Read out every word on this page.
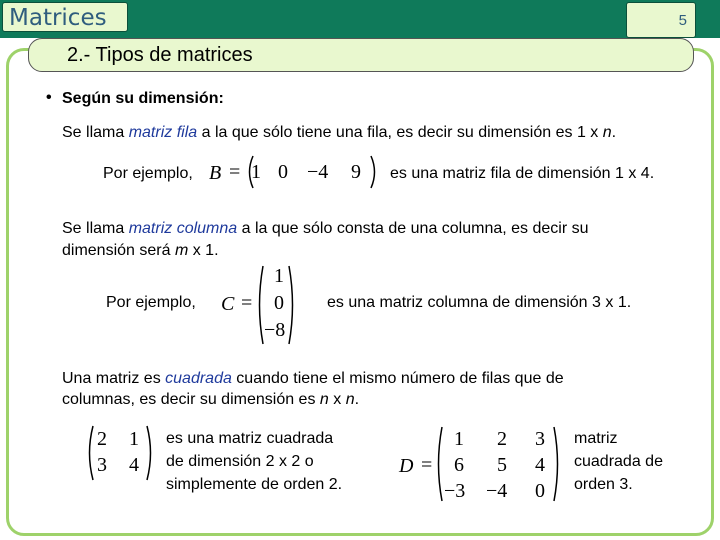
Matrices	5
2.- Tipos de matrices
• Según su dimensión:
Se llama matriz fila a la que sólo tiene una fila, es decir su dimensión es 1 x n.
Por ejemplo, B = 1 0 −4 9 es una matriz fila de dimensión 1 x 4.
Se llama matriz columna a la que sólo consta de una columna, es decir su
dimensión será m x 1.
Por ejemplo, C =
1
0
−8
es una matriz columna de dimensión 3 x 1.
Una matriz es cuadrada cuando tiene el mismo número de filas que de
columnas, es decir su dimensión es n x n.
2 1
3 4
es una matriz cuadrada
de dimensión 2 x 2 o
simplemente de orden 2.
D =
1 2 3
6 5 4
−3 −4 0
matriz
cuadrada de
orden 3.
